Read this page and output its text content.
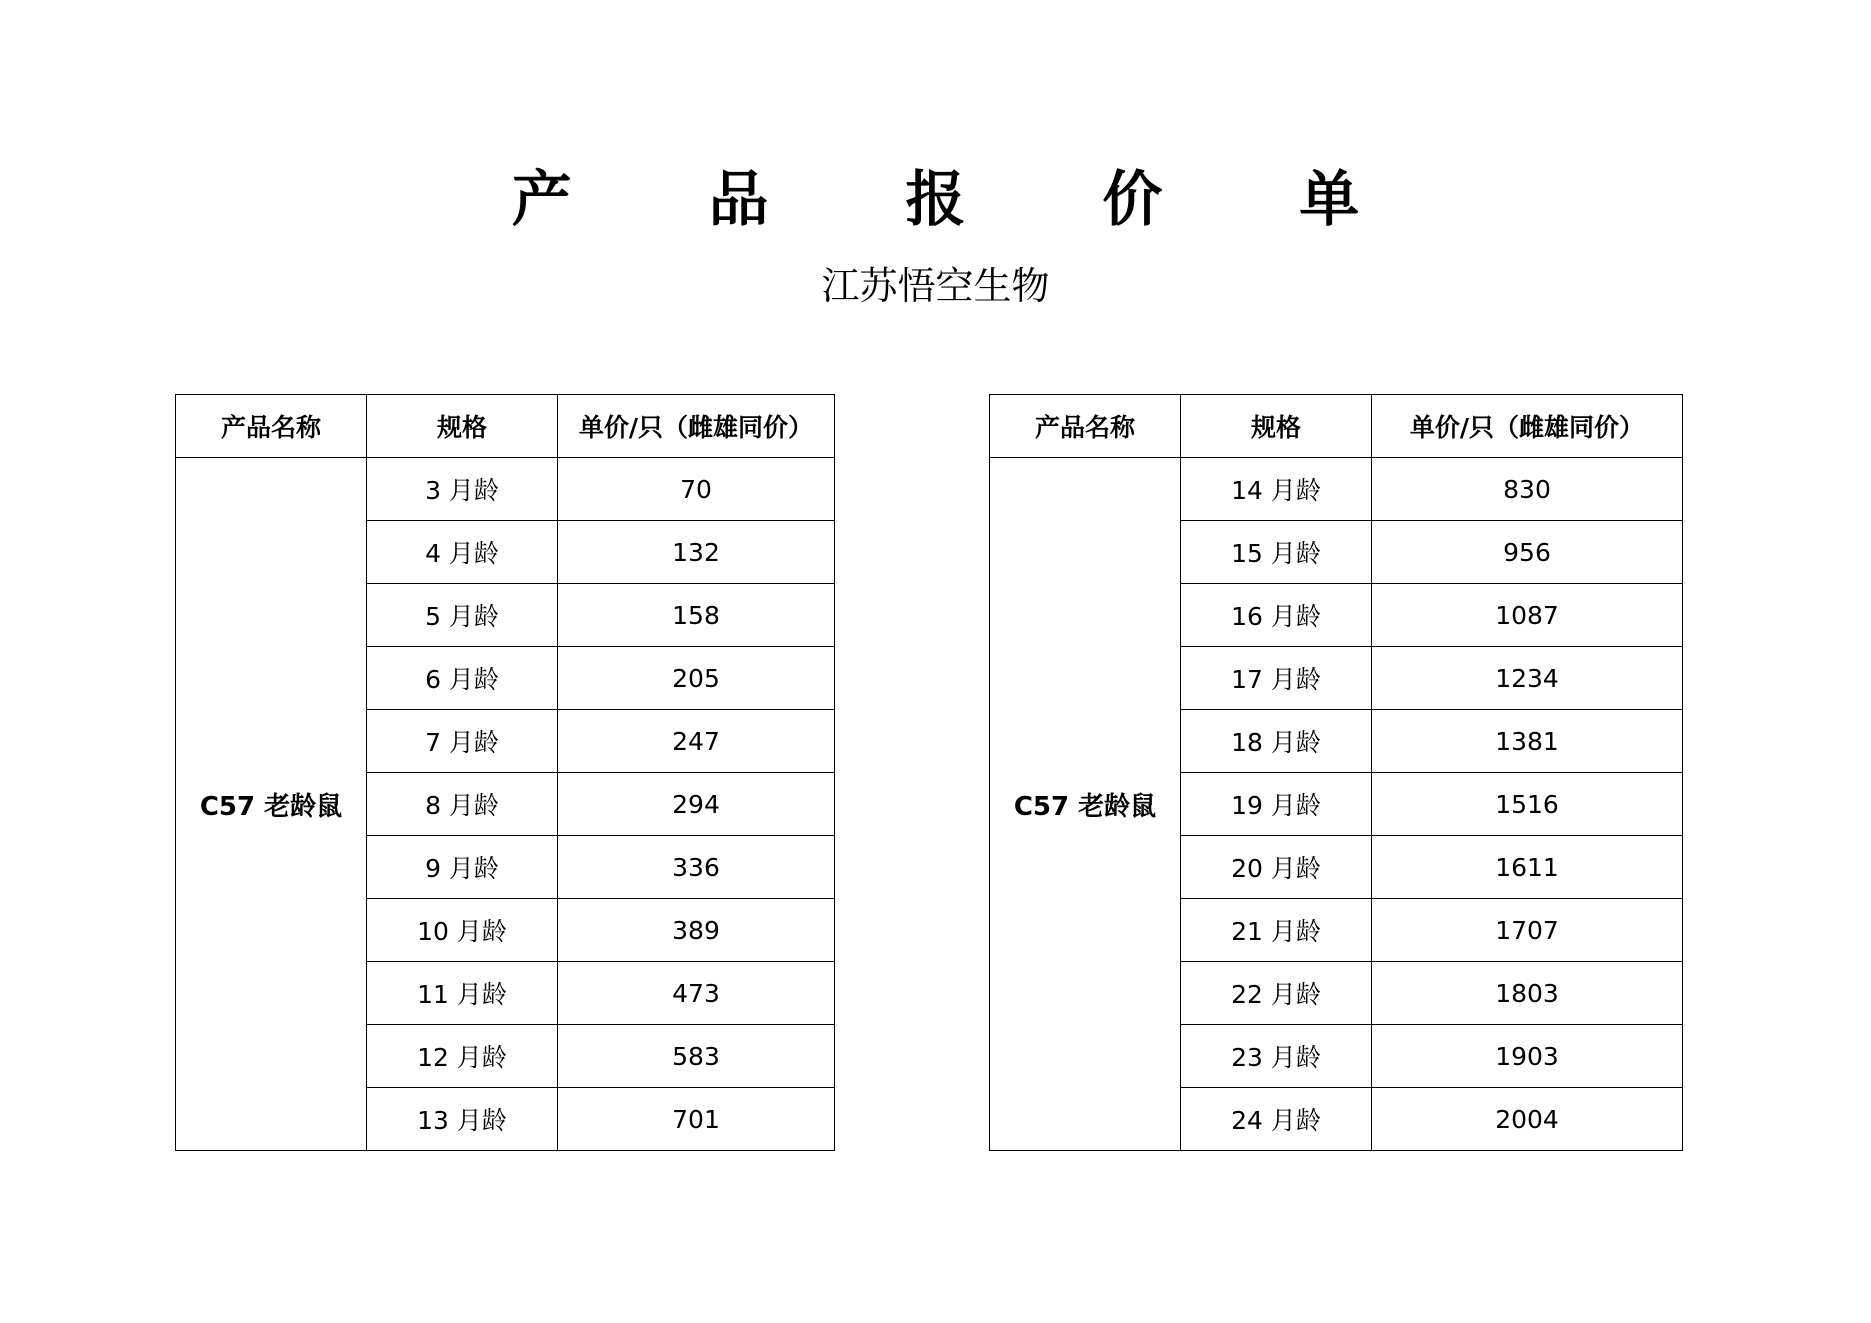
产 品 报 价 单
江苏悟空生物
产品名称	规格	单价/只（雌雄同价）
C57 老龄鼠	3 月龄	70
	4 月龄	132
	5 月龄	158
	6 月龄	205
	7 月龄	247
	8 月龄	294
	9 月龄	336
	10 月龄	389
	11 月龄	473
	12 月龄	583
	13 月龄	701
产品名称	规格	单价/只（雌雄同价）
C57 老龄鼠	14 月龄	830
	15 月龄	956
	16 月龄	1087
	17 月龄	1234
	18 月龄	1381
	19 月龄	1516
	20 月龄	1611
	21 月龄	1707
	22 月龄	1803
	23 月龄	1903
	24 月龄	2004
